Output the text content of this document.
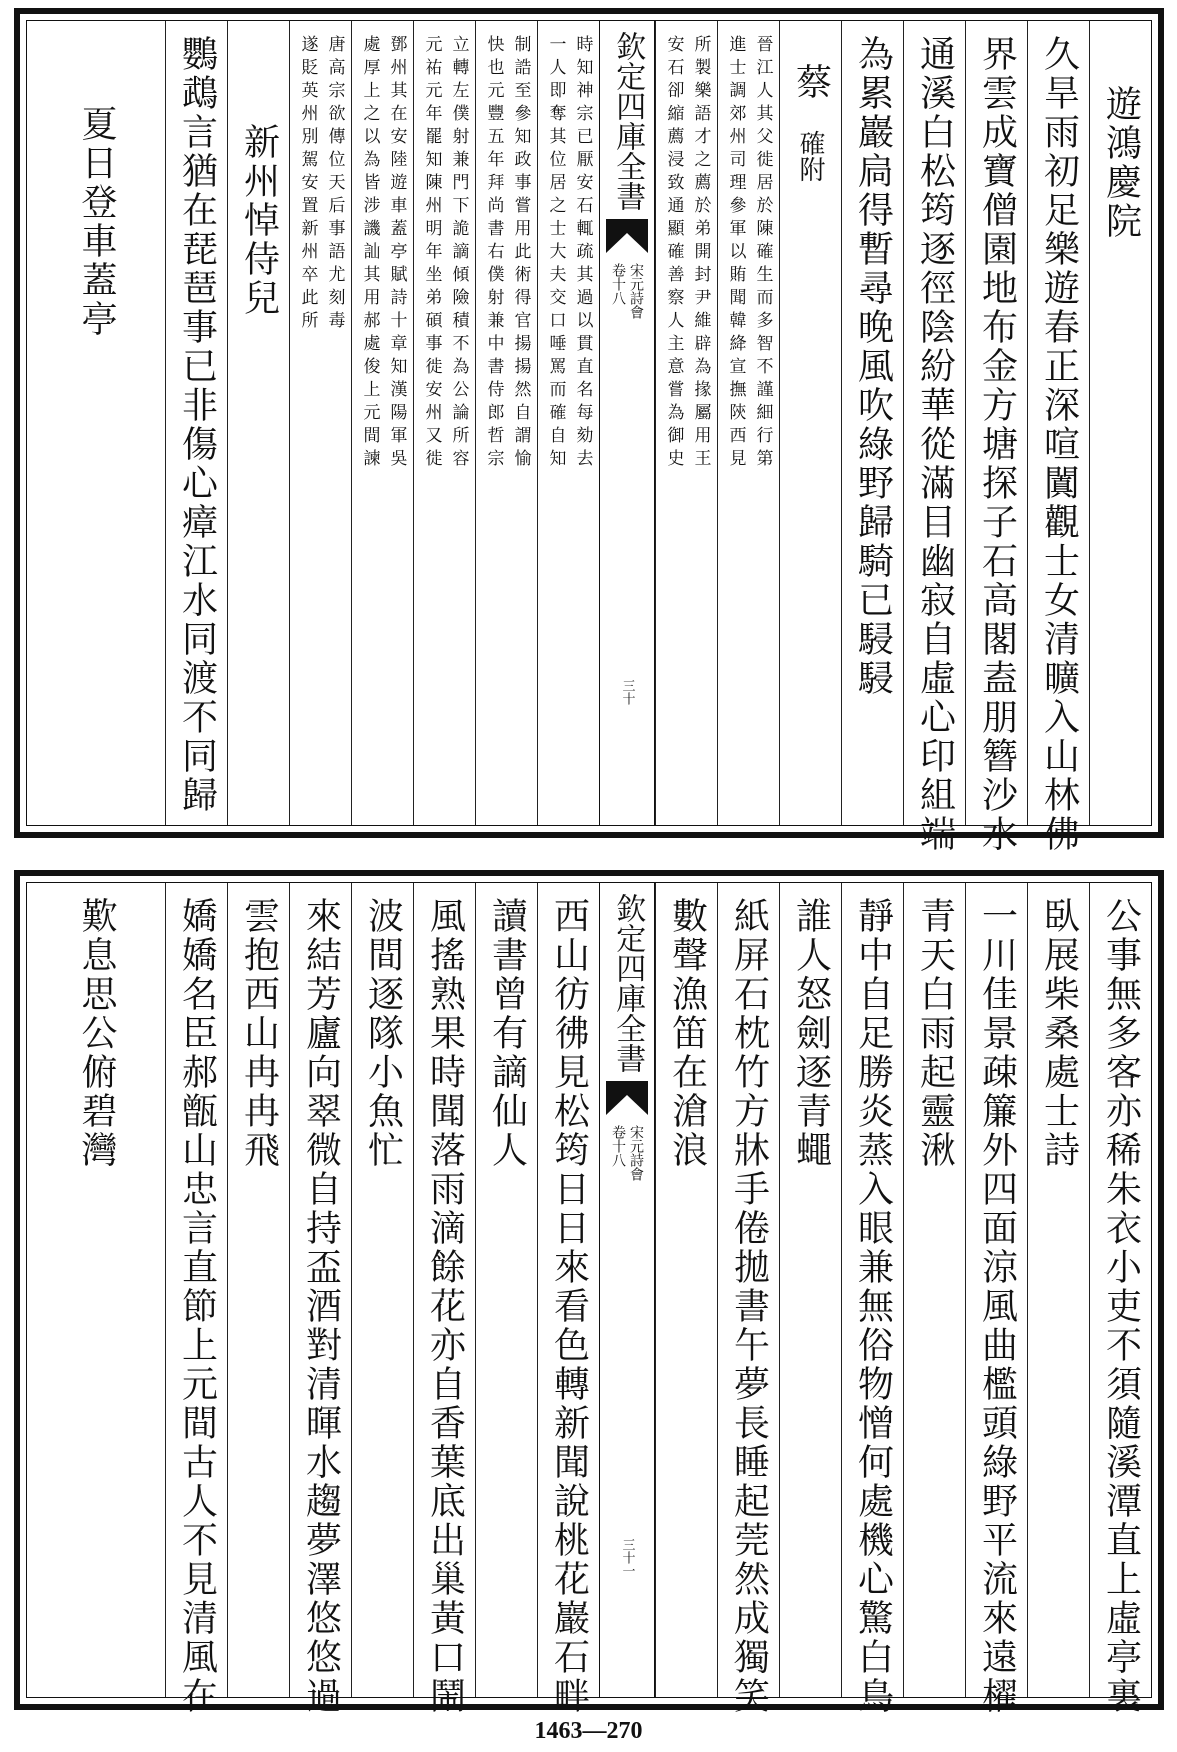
遊鴻慶院
久旱雨初足樂遊春正深喧闐觀士女清曠入山林佛
界雲成寶僧園地布金方塘探子石高閣盍朋簪沙水
通溪白松筠逐徑陰紛華從滿目幽寂自虛心印組端
為累巖扃得暫尋晚風吹綠野歸騎已駸駸
蔡
確附
晉江人其父徙居於陳確生而多智不謹細行第
進士調郊州司理參軍以賄聞韓絳宣撫陝西見
所製樂語才之薦於弟開封尹維辟為掾屬用王
安石卻縮薦浸致通顯確善察人主意嘗為御史
欽定四庫全書
宋元詩會
卷十八
三十
時知神宗已厭安石輒疏其過以貫直名每劾去
一人即奪其位居之士大夫交口唾罵而確自知
制誥至參知政事嘗用此術得官揚揚然自謂愉
快也元豐五年拜尚書右僕射兼中書侍郎哲宗
立轉左僕射兼門下詭謫傾險積不為公論所容
元祐元年罷知陳州明年坐弟碩事徙安州又徙
鄧州其在安陸遊車蓋亭賦詩十章知漢陽軍吳
處厚上之以為皆涉譏訕其用郝處俊上元間諫
唐高宗欲傳位天后事語尤刻毒
遂貶英州別駕安置新州卒此所
新州悼侍兒
鸚鵡言猶在琵琶事已非傷心瘴江水同渡不同歸
夏日登車蓋亭
公事無多客亦稀朱衣小吏不須隨溪潭直上虛亭裏
臥展柴桑處士詩
一川佳景疎簾外四面涼風曲檻頭綠野平流來遠櫂
青天白雨起靈湫
靜中自足勝炎蒸入眼兼無俗物憎何處機心驚白鳥
誰人怒劍逐青蠅
紙屏石枕竹方牀手倦拋書午夢長睡起莞然成獨笑
數聲漁笛在滄浪
欽定四庫全書
宋元詩會
卷十八
三十一
西山彷彿見松筠日日來看色轉新聞說桃花巖石畔
讀書曾有謫仙人
風搖熟果時聞落雨滴餘花亦自香葉底出巢黃口鬧
波間逐隊小魚忙
來結芳廬向翠微自持盃酒對清暉水趨夢澤悠悠過
雲抱西山冉冉飛
嬌嬌名臣郝甑山忠言直節上元間古人不見清風在
歎息思公俯碧灣
1463—270
